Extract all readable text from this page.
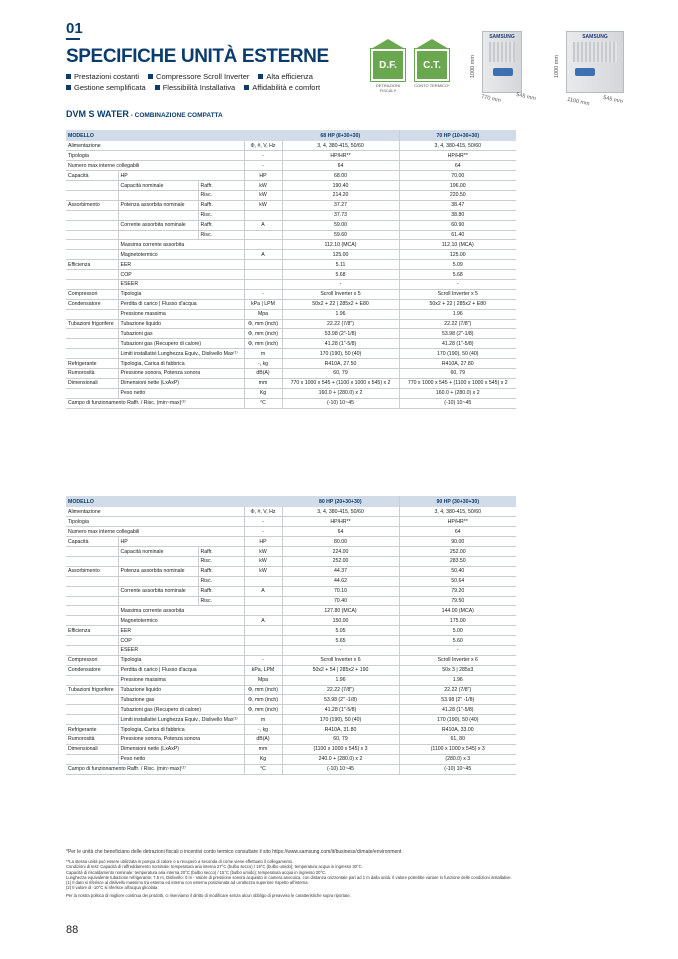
01
SPECIFICHE UNITÀ ESTERNE
Prestazioni costanti	Compressore Scroll Inverter	Alta efficienza
Gestione semplificata	Flessibilità Installativa	Affidabilità e comfort
D.F.
DETRAZIONI FISCALI*
C.T.
CONTO TERMICO*
SAMSUNG
1000 mm
770 mm	545 mm
SAMSUNG
1000 mm
1100 mm 545 mm
DVM S WATER - COMBINAZIONE COMPATTA
MODELLO				68 HP (8+30+30)	70 HP (10+30+30)
Alimentazione			Φ, #, V, Hz	3, 4, 380-415, 50/60	3, 4, 380-415, 50/60
Tipologia			-	HP/HR**	HP/HR**
Numero max interne collegabili			-	64	64
Capacità	HP		HP	68.00	70.00
	Capacità nominale	Raffr.	kW	190.40	196.00
		Risc.	kW	214.20	220.50
Assorbimento	Potenza assorbita nominale	Raffr.	kW	37.27	38.47
		Risc.		37.73	38.80
	Corrente assorbita nominale	Raffr.	A	59.00	60.90
		Risc.		59.60	61.40
	Massima corrente assorbita			112.10 (MCA)	112.10 (MCA)
	Magnetotermico		A	125.00	125.00
Efficienza	EER			5.11	5.09
	COP			5.68	5.68
	ESEER			-	-
Compressori	Tipologia		-	Scroll Inverter x 5	Scroll Inverter x 5
Condensatore	Perdita di carico | Flusso d'acqua		kPa | LPM	50x2 + 22 | 285x2 + E80	50x2 + 22 | 285x2 + E80
	Pressione massima		Mpa	1.96	1.96
Tubazioni frigorifere	Tubazione liquido		Φ, mm (inch)	22.22 (7/8")	22.22 (7/8")
	Tubazioni gas		Φ, mm (inch)	53.98 (2"-1/8)	53.98 (2"-1/8)
	Tubazioni gas (Recupero di calore)		Φ, mm (inch)	41.28 (1"-5/8)	41.28 (1"-5/8)
	Limiti installativi Lunghezza Equiv., Dislivello Max⁽¹⁾		m	170 (190), 50 (40)	170 (190), 50 (40)
Refrigerante	Tipologia, Carica di fabbrica		-, kg	R410A, 27.50	R410A, 27.80
Rumorosità	Pressione sonora, Potenza sonora		dB(A)	60, 79	60, 79
Dimensionali	Dimensioni nette (LxAxP)		mm	770 x 1000 x 545 + (1100 x 1000 x 545) x 2	770 x 1000 x 545 + (1100 x 1000 x 545) x 2
	Peso netto		Kg	160.0 + (280.0) x 2	160.0 + (280.0) x 2
Campo di funzionamento Raffr. / Risc. (min~max)⁽²⁾			°C	(-10) 10~45	(-10) 10~45
MODELLO				80 HP (20+30+30)	90 HP (30+30+30)
Alimentazione			Φ, #, V, Hz	3, 4, 380-415, 50/60	3, 4, 380-415, 50/60
Tipologia			-	HP/HR**	HP/HR**
Numero max interne collegabili			-	64	64
Capacità	HP		HP	80.00	90.00
	Capacità nominale	Raffr.	kW	224.00	252.00
		Risc.	kW	252.00	283.50
Assorbimento	Potenza assorbita nominale	Raffr.	kW	44.37	50.40
		Risc.		44.62	50.64
	Corrente assorbita nominale	Raffr.	A	70.10	79.20
		Risc.		70.40	79.50
	Massima corrente assorbita			127.80 (MCA)	144.00 (MCA)
	Magnetotermico		A	150.00	175.00
Efficienza	EER			5.05	5.00
	COP			5.65	5.60
	ESEER			-	-
Compressori	Tipologia		-	Scroll Inverter x 6	Scroll Inverter x 6
Condensatore	Perdita di carico | Flusso d'acqua		kPa, LPM	50x2 + 54 | 285x2 + 190	50x 3 | 285x3
	Pressione massima		Mpa	1.96	1.96
Tubazioni frigorifere	Tubazione liquido		Φ, mm (inch)	22.22 (7/8")	22.22 (7/8")
	Tubazione gas		Φ, mm (inch)	53.98 (2" -1/8)	53.98 (2" -1/8)
	Tubazioni gas (Recupero di calore)		Φ, mm (inch)	41.28 (1"-5/8)	41.28 (1"-5/8)
	Limiti installativi Lunghezza Equiv., Dislivello Max⁽¹⁾		m	170 (190), 50 (40)	170 (190), 50 (40)
Refrigerante	Tipologia, Carica di fabbrica		-, kg	R410A, 31.80	R410A, 33.00
Rumorosità	Pressione sonora, Potenza sonora		dB(A)	60, 79	61, 80
Dimensionali	Dimensioni nette (LxAxP)		mm	(1100 x 1000 x 545) x 3	(1100 x 1000 x 545) x 3
	Peso netto		Kg	240.0 + (280.0) x 2	(280.0) x 3
Campo di funzionamento Raffr. / Risc. (min~max)⁽²⁾			°C	(-10) 10~45	(-10) 10~45
*Per le unità che beneficiano delle detrazioni fiscali o incentivi conto termico consultare il sito https://www.samsung.com/it/business/climate/environment
**La stessa unità può essere utilizzata in pompa di calore o a recupero a seconda di come viene effettuato il collegamento.
Condizioni di test: Capacità di raffreddamento nominale: temperatura aria interna 27°C (bulbo secco) / 19°C (bulbo umido); temperatura acqua in ingresso 30°C.
Capacità di riscaldamento nominale: temperatura aria interna 20°C (bulbo secco) / 15°C (bulbo umido); temperatura acqua in ingresso 20°C.
Lunghezza equivalente tubazione refrigerante: 7.5 m, Dislivello: 0 m - Valore di pressione sonora acquisito in camera anecoica, con distanza orizzontale pari ad 1 m dalla unità. Il valore potrebbe variare in funzione delle condizioni installative.
(1) Il dato si riferisce al dislivello massimo tra esterna ed interna con esterna posizionata ad un'altezza superiore rispetto all'interna.
(2) Il valore di -10°C si riferisce all'acqua glicolata
Per la nostra politica di migliore continua dei prodotti, ci riserviamo il diritto di modificare senza alcun obbligo di preavviso le caratteristiche sopra riportate.
88
